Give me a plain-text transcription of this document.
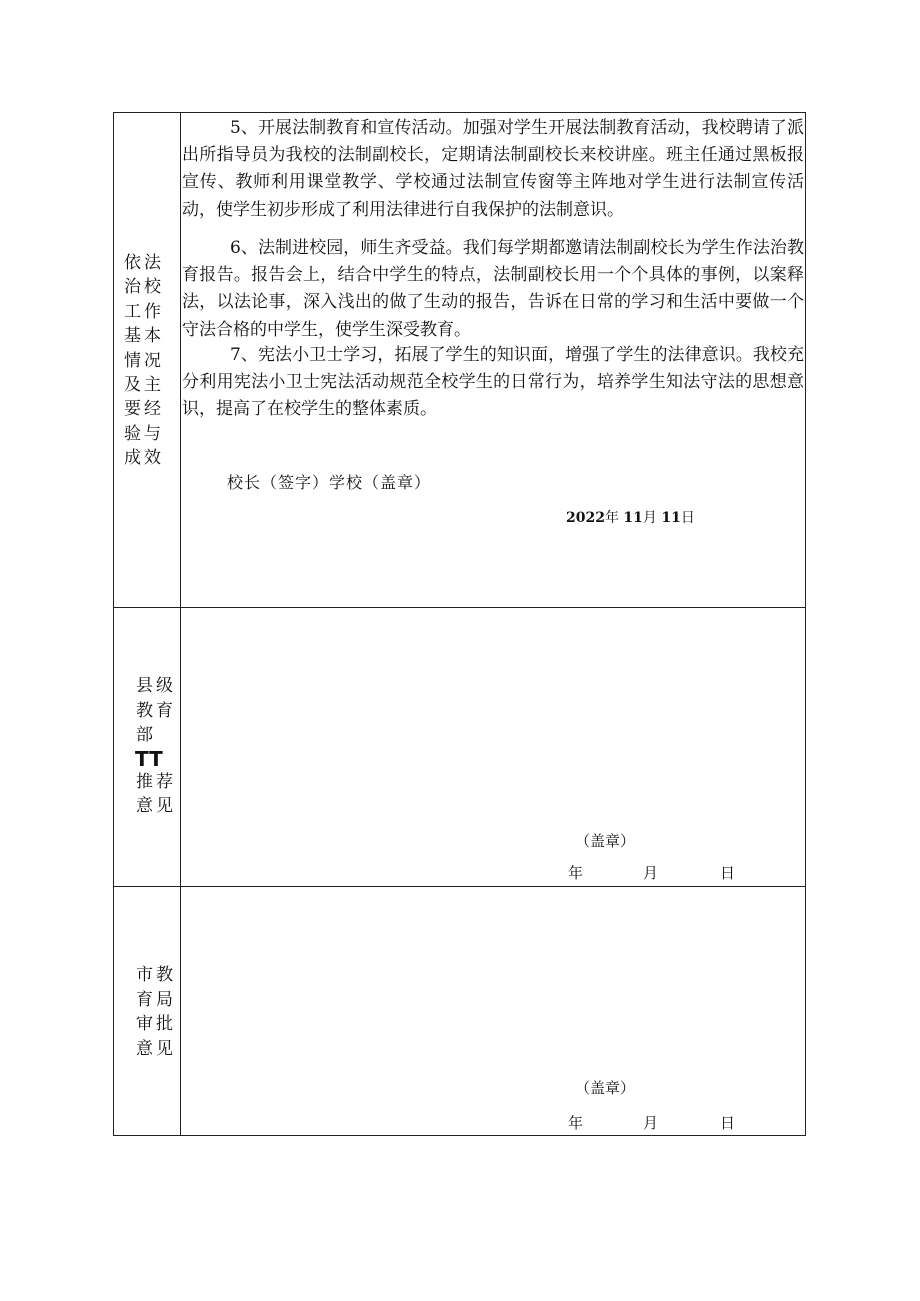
依法治校工作基本情况及主要经验与成效

5、开展法制教育和宣传活动。加强对学生开展法制教育活动，我校聘请了派出所指导员为我校的法制副校长，定期请法制副校长来校讲座。班主任通过黑板报宣传、教师利用课堂教学、学校通过法制宣传窗等主阵地对学生进行法制宣传活动，使学生初步形成了利用法律进行自我保护的法制意识。

6、法制进校园，师生齐受益。我们每学期都邀请法制副校长为学生作法治教育报告。报告会上，结合中学生的特点，法制副校长用一个个具体的事例，以案释法，以法论事，深入浅出的做了生动的报告，告诉在日常的学习和生活中要做一个守法合格的中学生，使学生深受教育。

7、宪法小卫士学习，拓展了学生的知识面，增强了学生的法律意识。我校充分利用宪法小卫士宪法活动规范全校学生的日常行为，培养学生知法守法的思想意识，提高了在校学生的整体素质。

校长（签字）学校（盖章）
2022年 11月 11日
县级教育部
TT
推荐意见
（盖章）
年	月	日
市教育局审批意见
（盖章）
年	月	日
